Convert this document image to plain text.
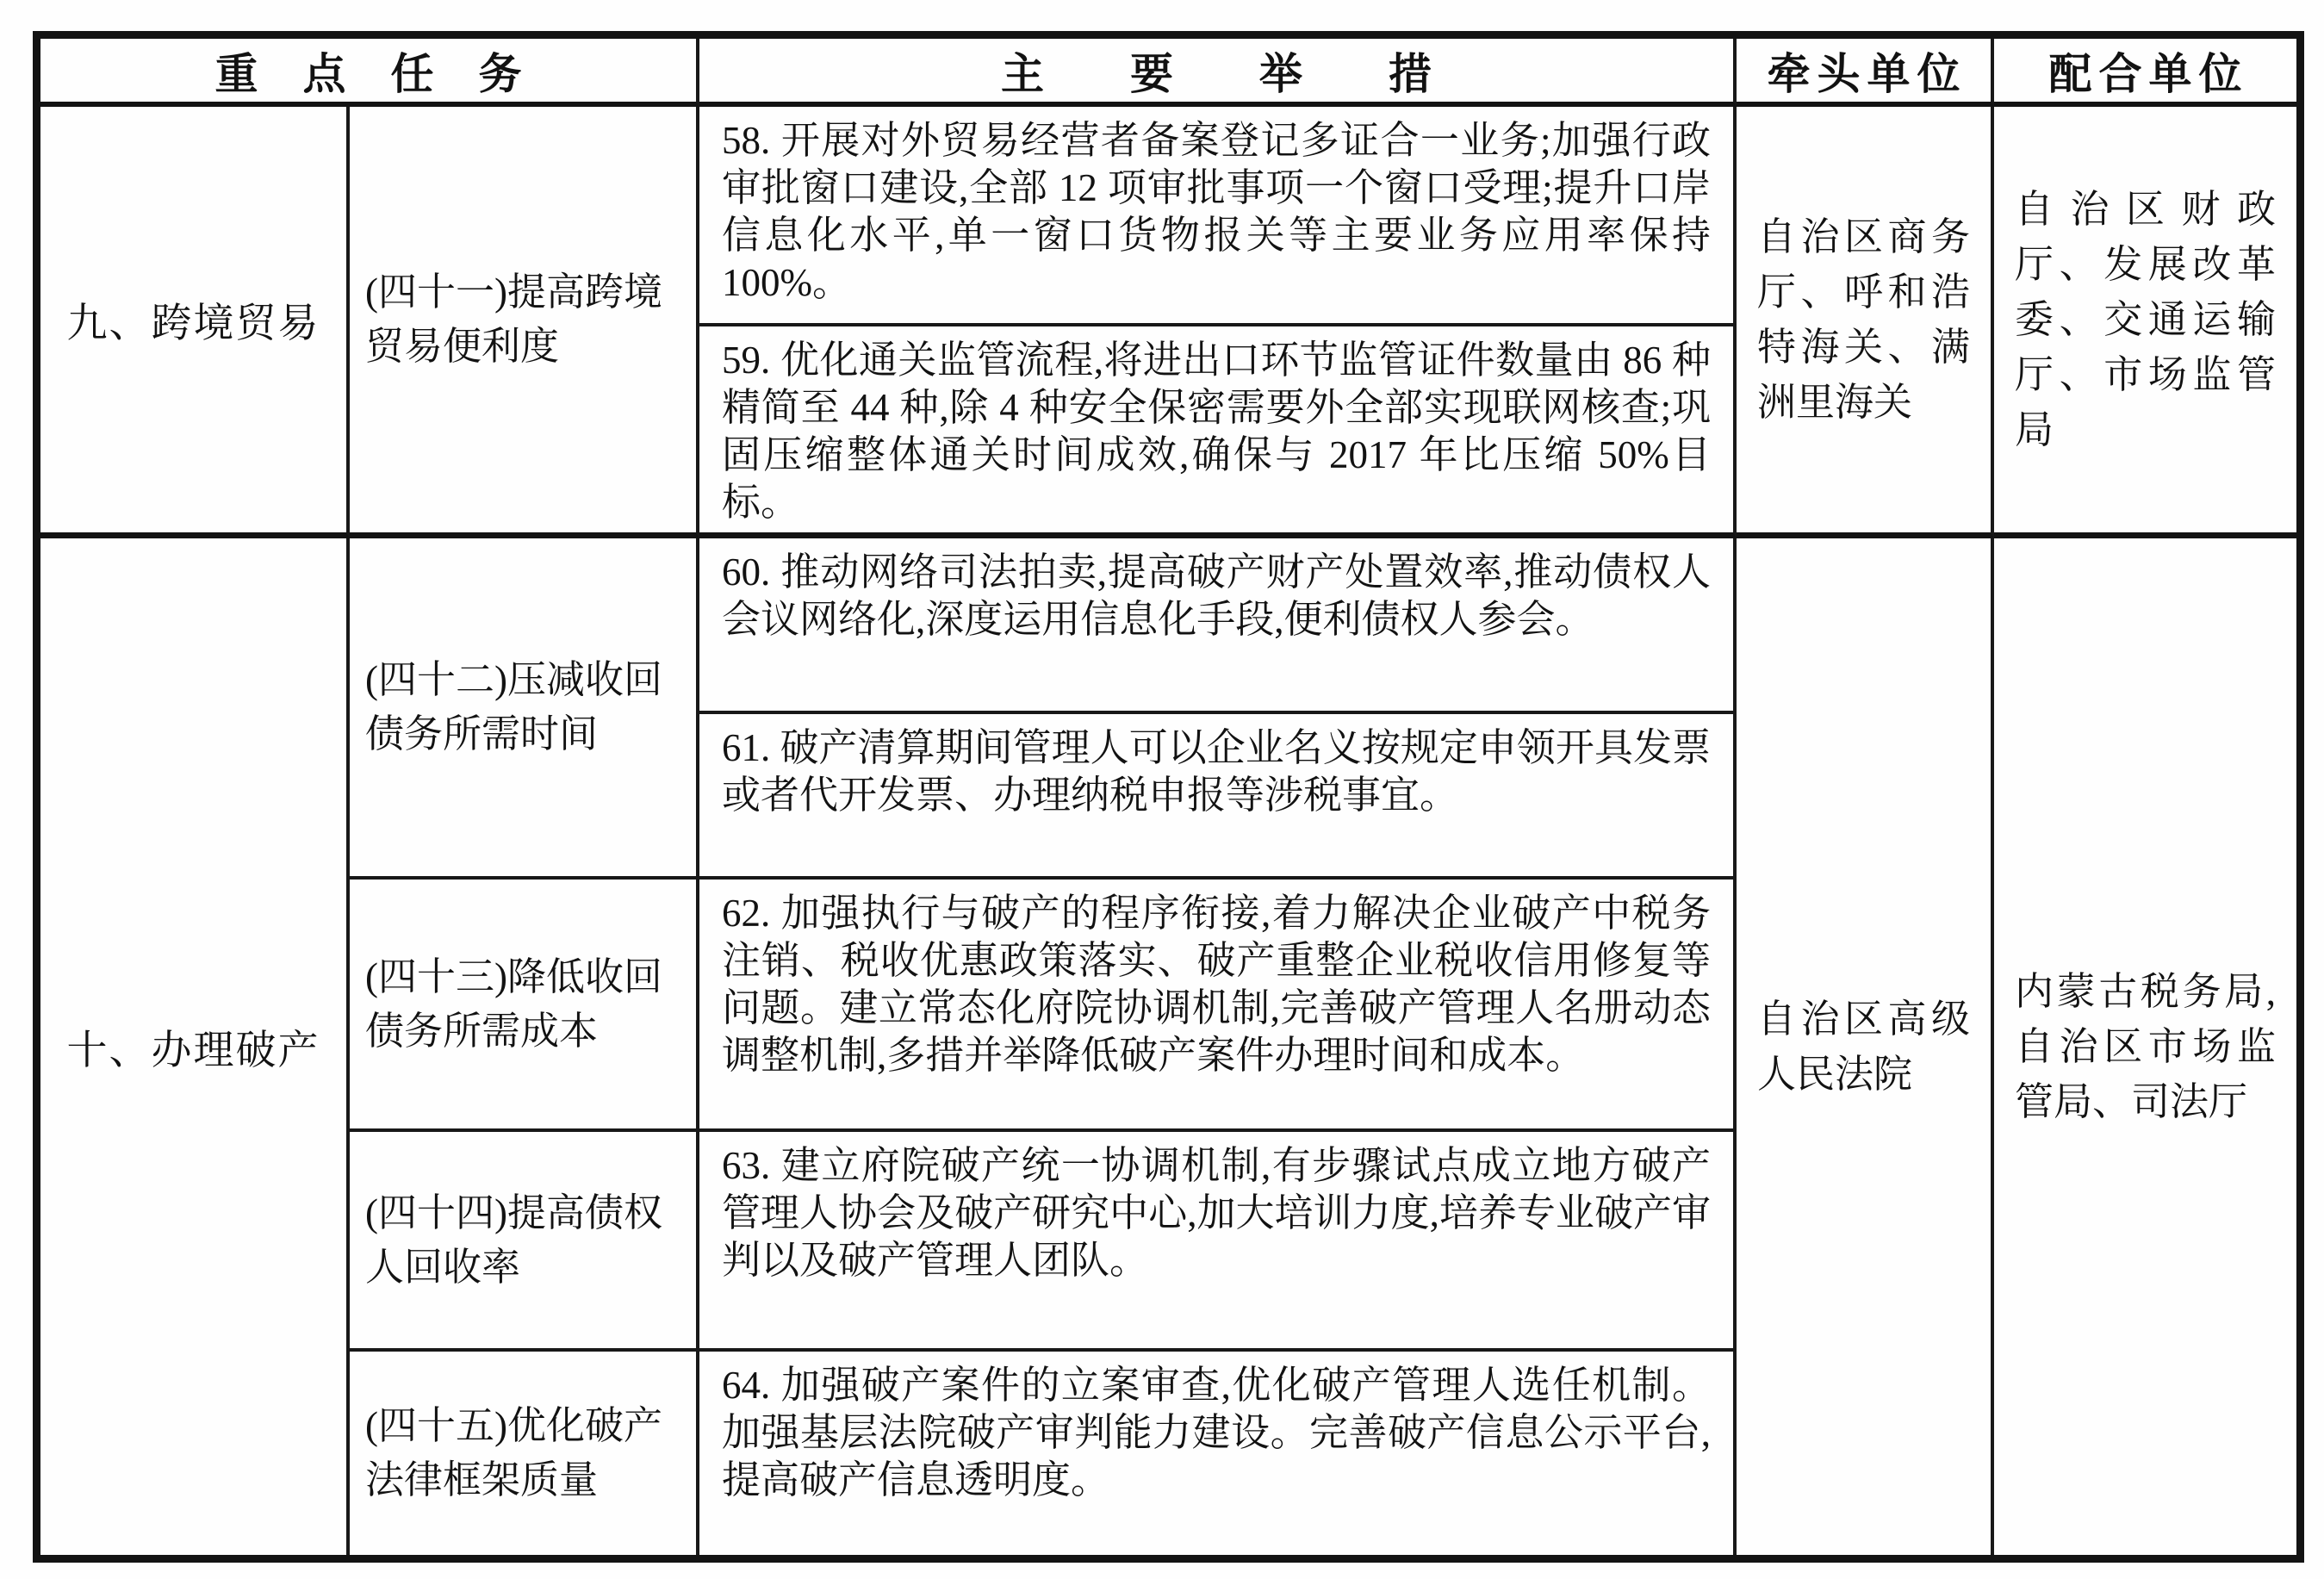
重点任务	主要举措	牵头单位 配合单位
九、跨境贸易
(四十一)提高跨境贸易便利度
58. 开展对外贸易经营者备案登记多证合一业务;加强行政审批窗口建设,全部 12 项审批事项一个窗口受理;提升口岸信息化水平,单一窗口货物报关等主要业务应用率保持 100%。
59. 优化通关监管流程,将进出口环节监管证件数量由 86 种精简至 44 种,除 4 种安全保密需要外全部实现联网核查;巩固压缩整体通关时间成效,确保与 2017 年比压缩 50%目标。
自治区商务厅、呼和浩特海关、满洲里海关
自治区财政厅、发展改革委、交通运输厅、市场监管局
十、办理破产
(四十二)压减收回债务所需时间
60. 推动网络司法拍卖,提高破产财产处置效率,推动债权人会议网络化,深度运用信息化手段,便利债权人参会。
61. 破产清算期间管理人可以企业名义按规定申领开具发票或者代开发票、办理纳税申报等涉税事宜。
(四十三)降低收回债务所需成本
62. 加强执行与破产的程序衔接,着力解决企业破产中税务注销、税收优惠政策落实、破产重整企业税收信用修复等问题。建立常态化府院协调机制,完善破产管理人名册动态调整机制,多措并举降低破产案件办理时间和成本。
(四十四)提高债权人回收率
63. 建立府院破产统一协调机制,有步骤试点成立地方破产管理人协会及破产研究中心,加大培训力度,培养专业破产审判以及破产管理人团队。
(四十五)优化破产法律框架质量
64. 加强破产案件的立案审查,优化破产管理人选任机制。加强基层法院破产审判能力建设。完善破产信息公示平台,提高破产信息透明度。
自治区高级人民法院
内蒙古税务局,自治区市场监管局、司法厅
